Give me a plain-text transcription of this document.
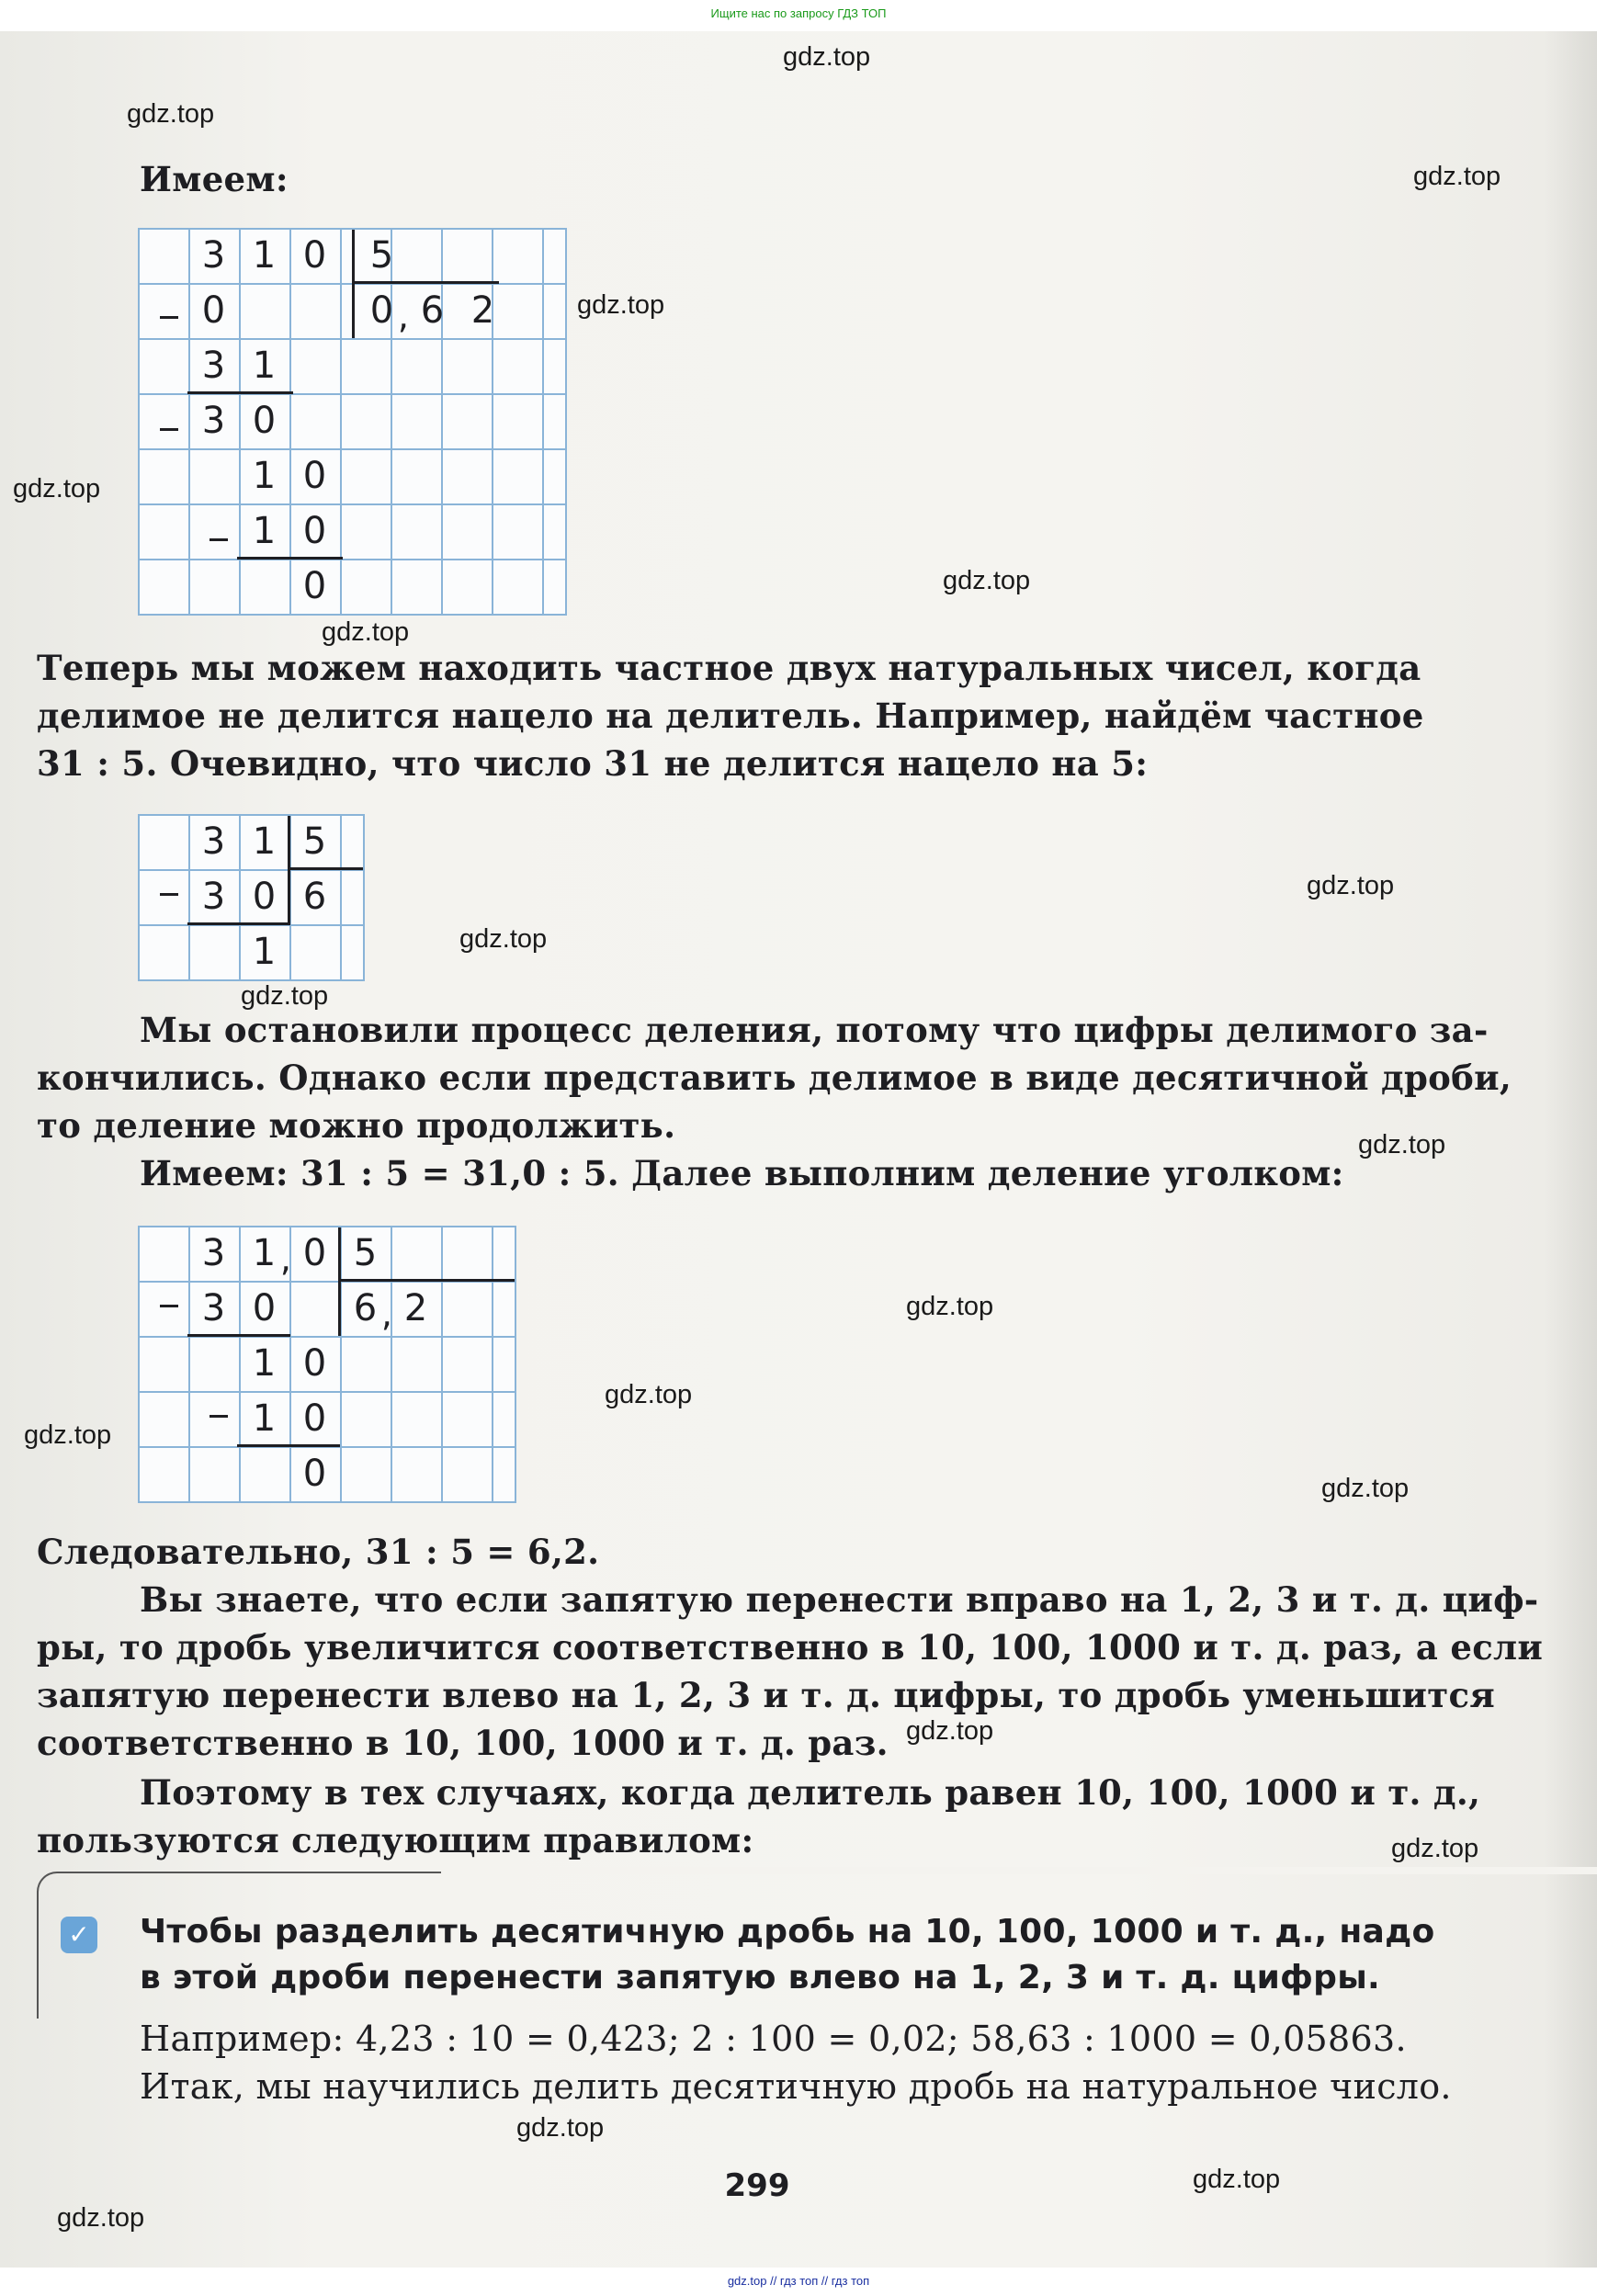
Ищите нас по запросу ГДЗ ТОП
Имеем:
3 1 0	5
0	0 , 6 2
3 1
3 0
1 0
1 0
0
Теперь мы можем находить частное двух натуральных чисел, когда
делимое не делится нацело на делитель. Например, найдём частное
31 : 5. Очевидно, что число 31 не делится нацело на 5:
3 1 5
3 0 6
1
Мы остановили процесс деления, потому что цифры делимого за-
кончились. Однако если представить делимое в виде десятичной дроби,
то деление можно продолжить.
Имеем: 31 : 5 = 31,0 : 5. Далее выполним деление уголком:
3 1 , 0 5
3 0	6 , 2
1 0
1 0
0
Следовательно, 31 : 5 = 6,2.
Вы знаете, что если запятую перенести вправо на 1, 2, 3 и т. д. циф-
ры, то дробь увеличится соответственно в 10, 100, 1000 и т. д. раз, а если
запятую перенести влево на 1, 2, 3 и т. д. цифры, то дробь уменьшится
соответственно в 10, 100, 1000 и т. д. раз.
Поэтому в тех случаях, когда делитель равен 10, 100, 1000 и т. д.,
пользуются следующим правилом:
✓ Чтобы разделить десятичную дробь на 10, 100, 1000 и т. д., надо
в этой дроби перенести запятую влево на 1, 2, 3 и т. д. цифры.
Например: 4,23 : 10 = 0,423; 2 : 100 = 0,02; 58,63 : 1000 = 0,05863.
Итак, мы научились делить десятичную дробь на натуральное число.
299
gdz.top
gdz.top
gdz.top
gdz.top
gdz.top
gdz.top
gdz.top
gdz.top
gdz.top
gdz.top
gdz.top
gdz.top
gdz.top
gdz.top
gdz.top
gdz.top
gdz.top
gdz.top
gdz.top
gdz.top
gdz.top // гдз топ // гдз топ
